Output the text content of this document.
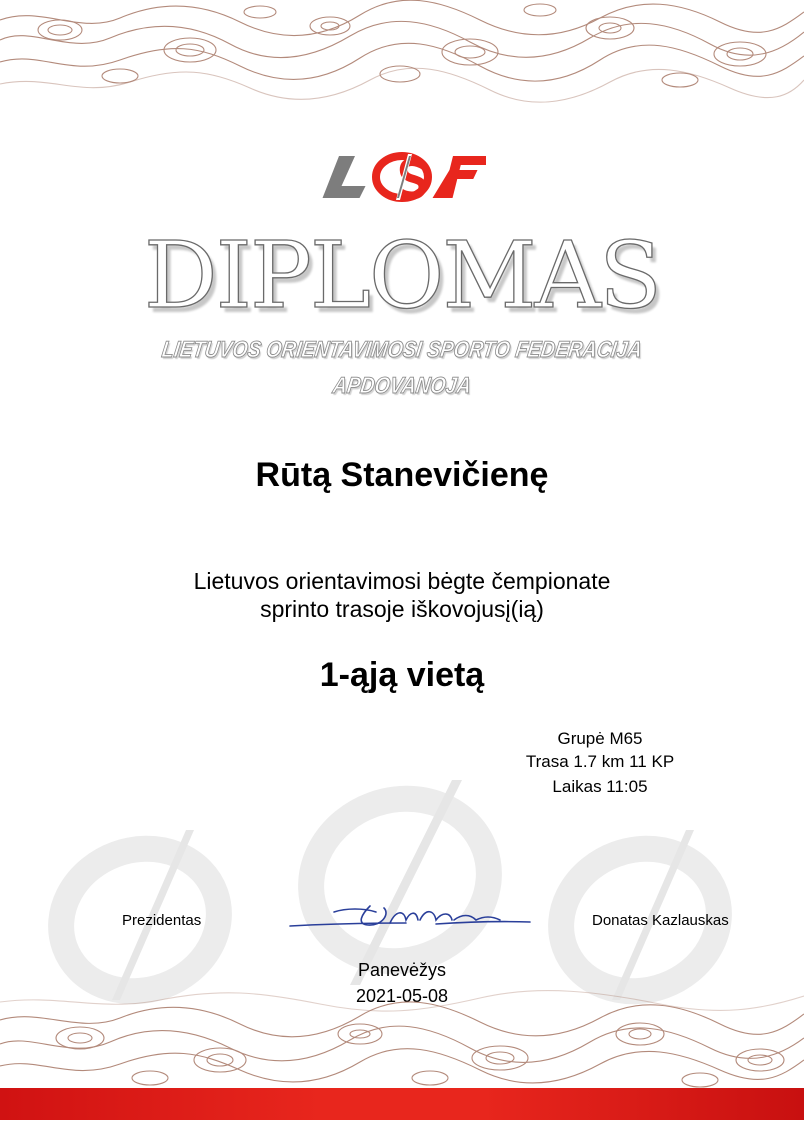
DIPLOMAS
LIETUVOS ORIENTAVIMOSI SPORTO FEDERACIJA
APDOVANOJA
Rūtą Stanevičienę
Lietuvos orientavimosi bėgte čempionate
sprinto trasoje iškovojusį(ią)
1-ąją vietą
Grupė M65
Trasa 1.7 km 11 KP
Laikas 11:05
Prezidentas	Donatas Kazlauskas
Panevėžys
2021-05-08
